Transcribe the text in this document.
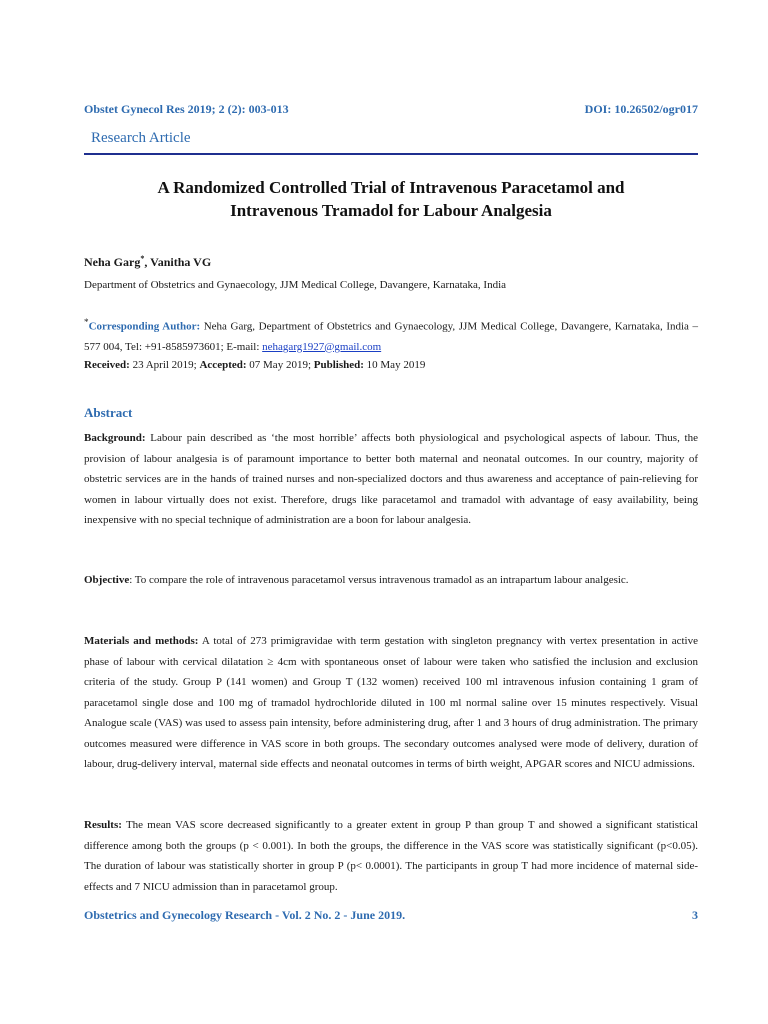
Obstet Gynecol Res 2019; 2 (2): 003-013	DOI: 10.26502/ogr017
Research Article
A Randomized Controlled Trial of Intravenous Paracetamol and
Intravenous Tramadol for Labour Analgesia
Neha Garg*, Vanitha VG
Department of Obstetrics and Gynaecology, JJM Medical College, Davangere, Karnataka, India
*Corresponding Author: Neha Garg, Department of Obstetrics and Gynaecology, JJM Medical College, Davangere, Karnataka, India – 577 004, Tel: +91-8585973601; E-mail: nehagarg1927@gmail.com
Received: 23 April 2019; Accepted: 07 May 2019; Published: 10 May 2019
Abstract
Background: Labour pain described as ‘the most horrible’ affects both physiological and psychological aspects of labour. Thus, the provision of labour analgesia is of paramount importance to better both maternal and neonatal outcomes. In our country, majority of obstetric services are in the hands of trained nurses and non-specialized doctors and thus awareness and acceptance of pain-relieving for women in labour virtually does not exist. Therefore, drugs like paracetamol and tramadol with advantage of easy availability, being inexpensive with no special technique of administration are a boon for labour analgesia.
Objective: To compare the role of intravenous paracetamol versus intravenous tramadol as an intrapartum labour analgesic.
Materials and methods: A total of 273 primigravidae with term gestation with singleton pregnancy with vertex presentation in active phase of labour with cervical dilatation ≥ 4cm with spontaneous onset of labour were taken who satisfied the inclusion and exclusion criteria of the study. Group P (141 women) and Group T (132 women) received 100 ml intravenous infusion containing 1 gram of paracetamol single dose and 100 mg of tramadol hydrochloride diluted in 100 ml normal saline over 15 minutes respectively. Visual Analogue scale (VAS) was used to assess pain intensity, before administering drug, after 1 and 3 hours of drug administration. The primary outcomes measured were difference in VAS score in both groups. The secondary outcomes analysed were mode of delivery, duration of labour, drug-delivery interval, maternal side effects and neonatal outcomes in terms of birth weight, APGAR scores and NICU admissions.
Results: The mean VAS score decreased significantly to a greater extent in group P than group T and showed a significant statistical difference among both the groups (p < 0.001). In both the groups, the difference in the VAS score was statistically significant (p<0.05). The duration of labour was statistically shorter in group P (p< 0.0001). The participants in group T had more incidence of maternal side-effects and 7 NICU admission than in paracetamol group.
Obstetrics and Gynecology Research - Vol. 2 No. 2 - June 2019.	3
